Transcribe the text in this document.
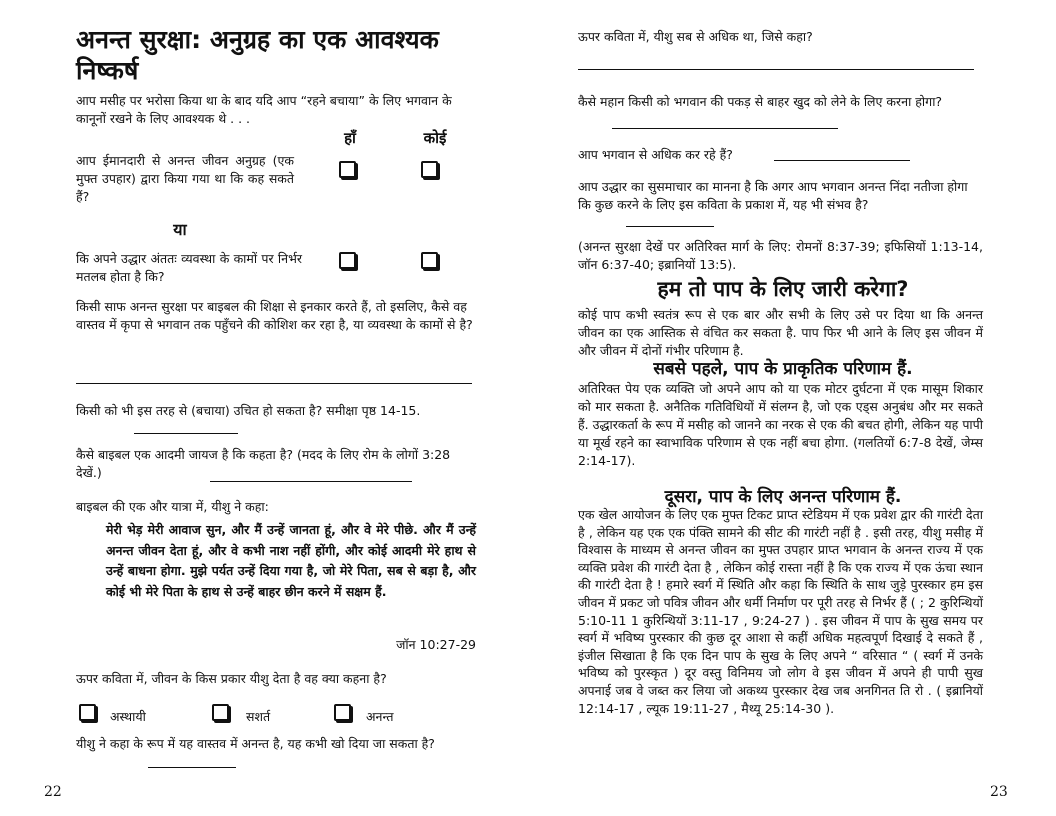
अनन्त सुरक्षा: अनुग्रह का एक आवश्यक निष्कर्ष
आप मसीह पर भरोसा किया था के बाद यदि आप “रहने बचाया” के लिए भगवान के कानूनों रखने के लिए आवश्यक थे . . .
हाँ	कोई
आप ईमानदारी से अनन्त जीवन अनुग्रह (एक मुफ्त उपहार) द्वारा किया गया था कि कह सकते हैं?
या
कि अपने उद्धार अंततः व्यवस्था के कामों पर निर्भर मतलब होता है कि?
किसी साफ अनन्त सुरक्षा पर बाइबल की शिक्षा से इनकार करते हैं, तो इसलिए, कैसे वह वास्तव में कृपा से भगवान तक पहुँचने की कोशिश कर रहा है, या व्यवस्था के कामों से है?
किसी को भी इस तरह से (बचाया) उचित हो सकता है? समीक्षा पृष्ठ 14-15.
कैसे बाइबल एक आदमी जायज है कि कहता है? (मदद के लिए रोम के लोगों 3:28 देखें.)
बाइबल की एक और यात्रा में, यीशु ने कहा:
मेरी भेड़ मेरी आवाज सुन, और मैं उन्हें जानता हूं, और वे मेरे पीछे. और मैं उन्हें अनन्त जीवन देता हूं, और वे कभी नाश नहीं होंगी, और कोई आदमी मेरे हाथ से उन्हें बाधना होगा. मुझे पर्यत उन्हें दिया गया है, जो मेरे पिता, सब से बड़ा है, और कोई भी मेरे पिता के हाथ से उन्हें बाहर छीन करने में सक्षम हैं.
जॉन 10:27-29
ऊपर कविता में, जीवन के किस प्रकार यीशु देता है वह क्या कहना है?
अस्थायी	सशर्त	अनन्त
यीशु ने कहा के रूप में यह वास्तव में अनन्त है, यह कभी खो दिया जा सकता है?
22
ऊपर कविता में, यीशु सब से अधिक था, जिसे कहा?
कैसे महान किसी को भगवान की पकड़ से बाहर खुद को लेने के लिए करना होगा?
आप भगवान से अधिक कर रहे हैं?
आप उद्धार का सुसमाचार का मानना है कि अगर आप भगवान अनन्त निंदा नतीजा होगा कि कुछ करने के लिए इस कविता के प्रकाश में, यह भी संभव है?
(अनन्त सुरक्षा देखें पर अतिरिक्त मार्ग के लिए: रोमनों 8:37-39; इफिसियों 1:13-14, जॉन 6:37-40; इब्रानियों 13:5).
हम तो पाप के लिए जारी करेगा?
कोई पाप कभी स्वतंत्र रूप से एक बार और सभी के लिए उसे पर दिया था कि अनन्त जीवन का एक आस्तिक से वंचित कर सकता है. पाप फिर भी आने के लिए इस जीवन में और जीवन में दोनों गंभीर परिणाम है.
सबसे पहले, पाप के प्राकृतिक परिणाम हैं.
अतिरिक्त पेय एक व्यक्ति जो अपने आप को या एक मोटर दुर्घटना में एक मासूम शिकार को मार सकता है. अनैतिक गतिविधियों में संलग्न है, जो एक एड्स अनुबंध और मर सकते हैं. उद्धारकर्ता के रूप में मसीह को जानने का नरक से एक की बचत होगी, लेकिन यह पापी या मूर्ख रहने का स्वाभाविक परिणाम से एक नहीं बचा होगा. (गलतियों 6:7-8 देखें, जेम्स 2:14-17).
दूसरा, पाप के लिए अनन्त परिणाम हैं.
एक खेल आयोजन के लिए एक मुफ्त टिकट प्राप्त स्टेडियम में एक प्रवेश द्वार की गारंटी देता है , लेकिन यह एक एक पंक्ति सामने की सीट की गारंटी नहीं है . इसी तरह, यीशु मसीह में विश्वास के माध्यम से अनन्त जीवन का मुफ्त उपहार प्राप्त भगवान के अनन्त राज्य में एक व्यक्ति प्रवेश की गारंटी देता है , लेकिन कोई रास्ता नहीं है कि एक राज्य में एक ऊंचा स्थान की गारंटी देता है ! हमारे स्वर्ग में स्थिति और कहा कि स्थिति के साथ जुड़े पुरस्कार हम इस जीवन में प्रकट जो पवित्र जीवन और धर्मी निर्माण पर पूरी तरह से निर्भर हैं ( ; 2 कुरिन्थियों 5:10-11 1 कुरिन्थियों 3:11-17 , 9:24-27 ) . इस जीवन में पाप के सुख समय पर स्वर्ग में भविष्य पुरस्कार की कुछ दूर आशा से कहीं अधिक महत्वपूर्ण दिखाई दे सकते हैं , इंजील सिखाता है कि एक दिन पाप के सुख के लिए अपने “ वरिसात “ ( स्वर्ग में उनके भविष्य को पुरस्कृत ) दूर वस्तु विनिमय जो लोग वे इस जीवन में अपने ही पापी सुख अपनाई जब वे जब्त कर लिया जो अकथ्य पुरस्कार देख जब अनगिनत ति रो . ( इब्रानियों 12:14-17 , ल्यूक 19:11-27 , मैथ्यू 25:14-30 ).
23
